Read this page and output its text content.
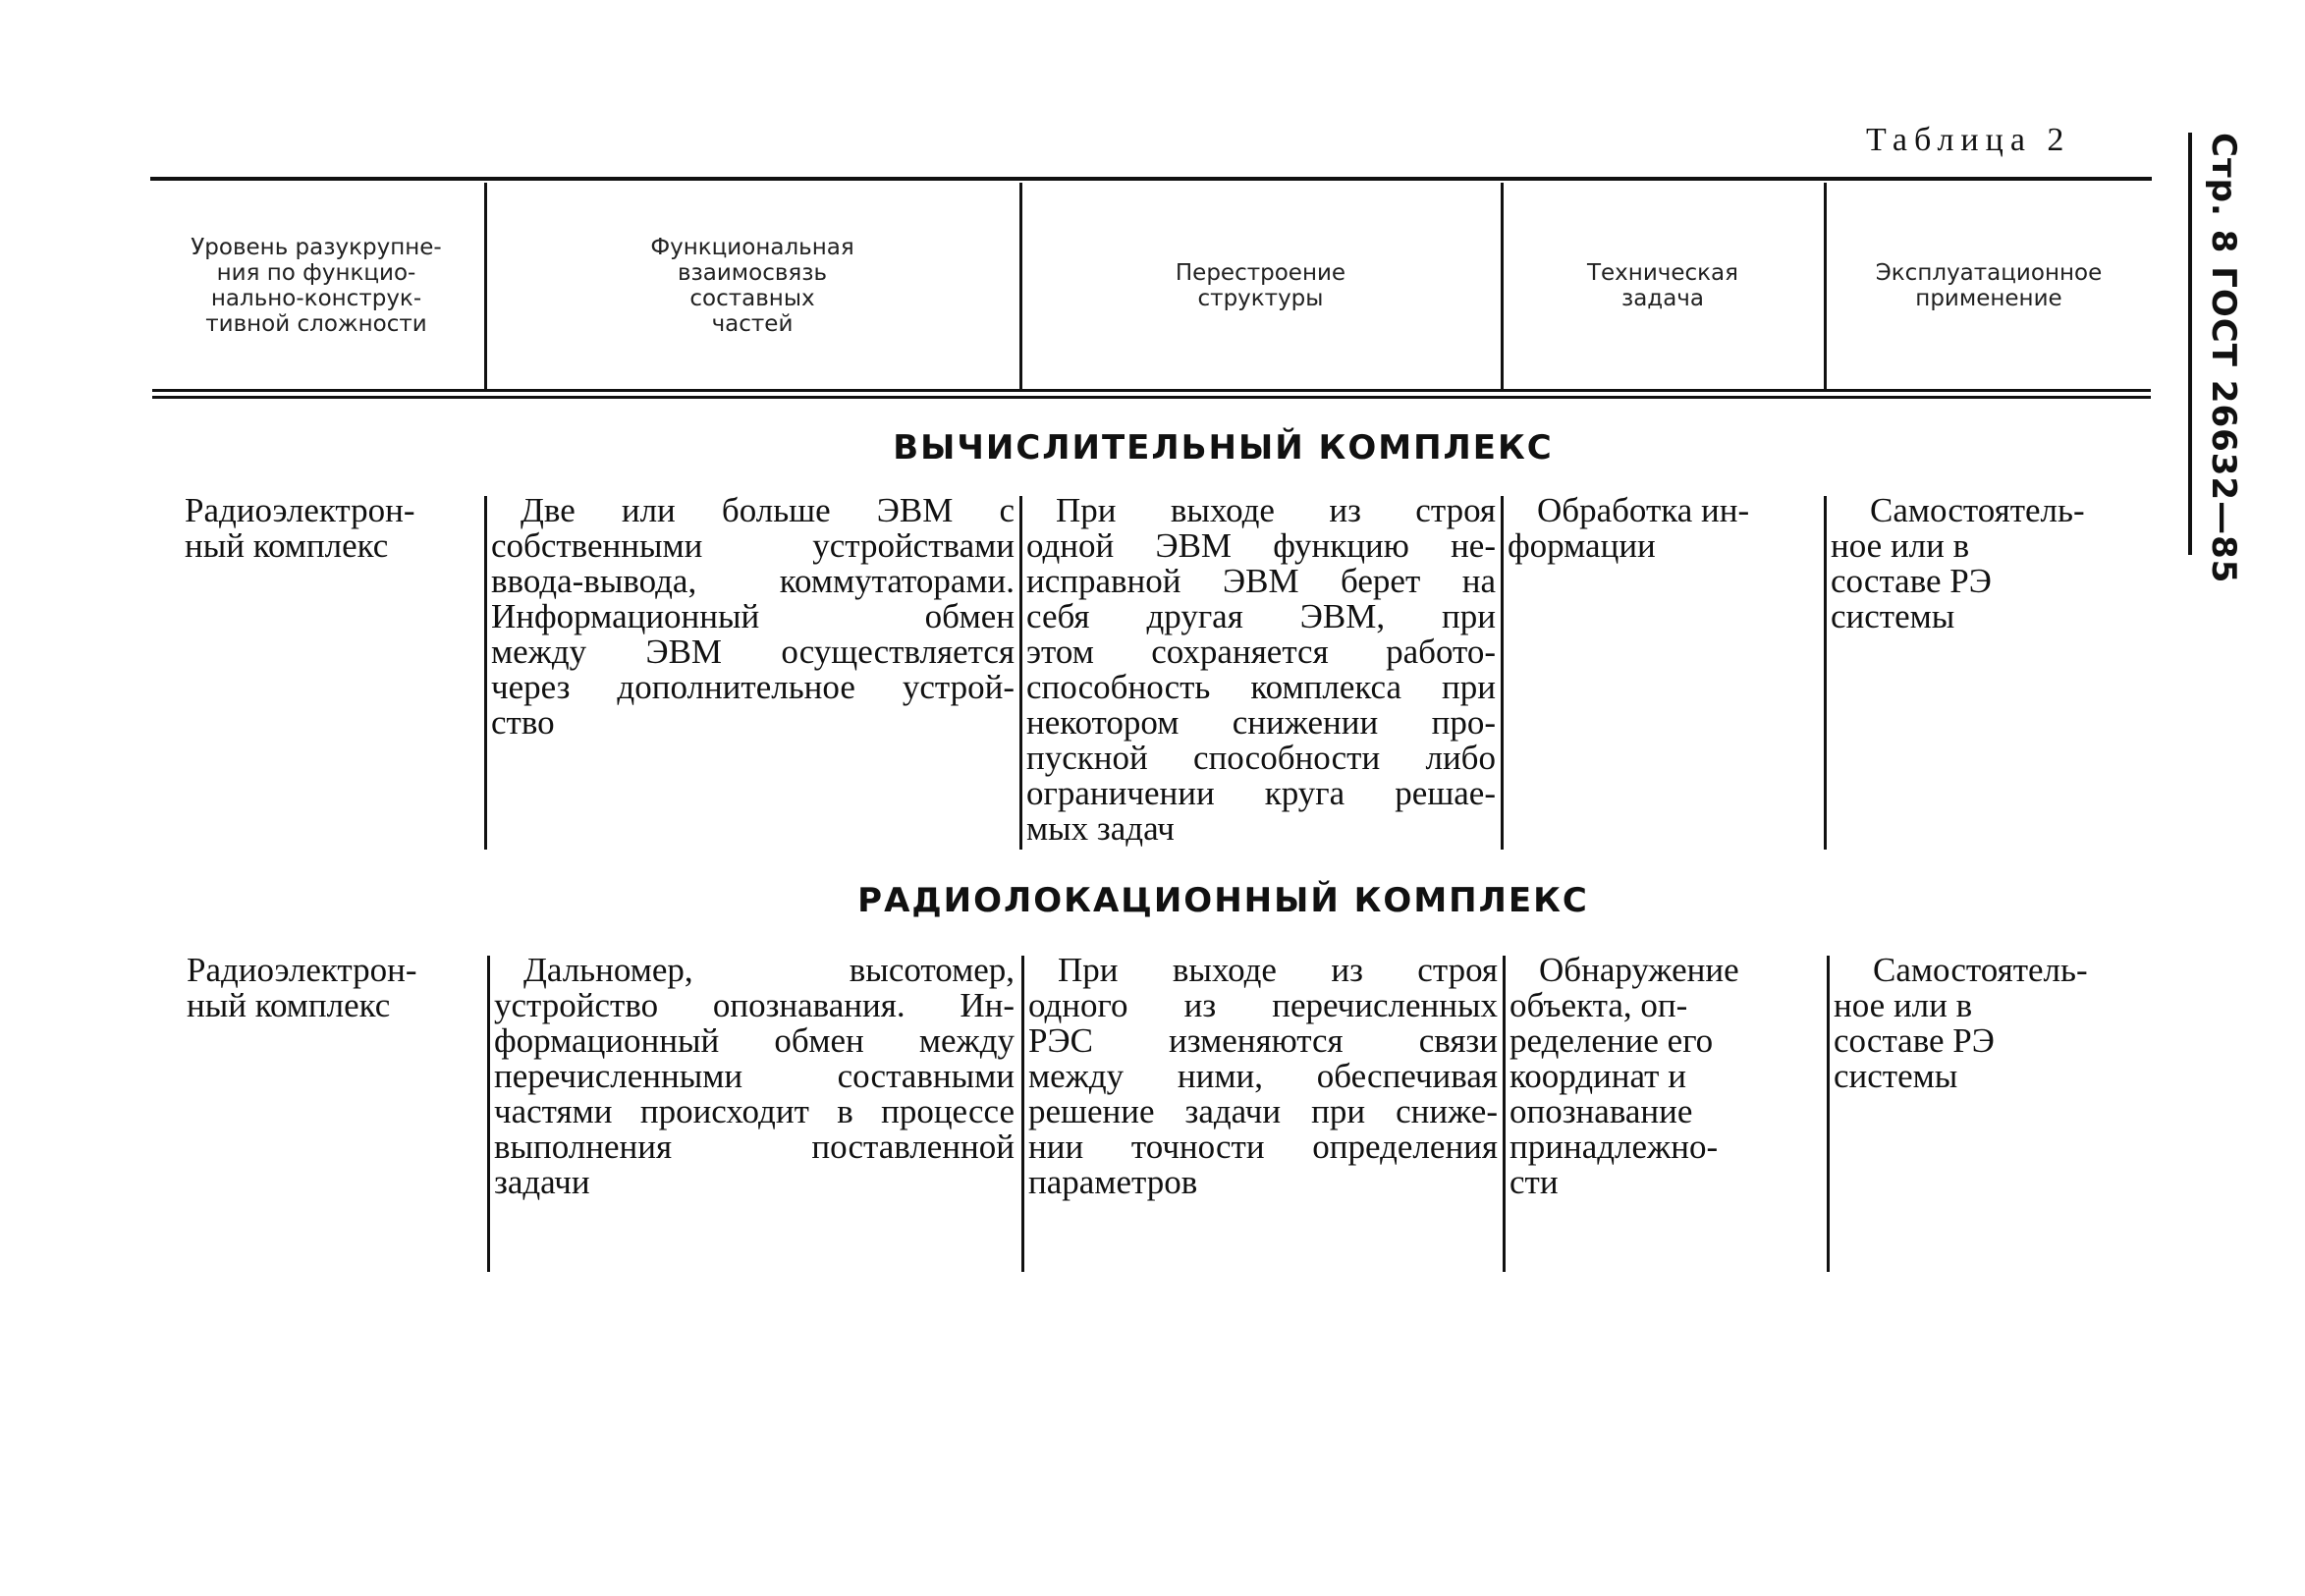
Таблица 2	Стр. 8 ГОСТ 26632—85
Уровень разукрупне-
ния по функцио-
нально-конструк-
тивной сложности
Функциональная
взаимосвязь
составных
частей
Перестроение
структуры
Техническая
задача
Эксплуатационное
применение
ВЫЧИСЛИТЕЛЬНЫЙ КОМПЛЕКС
Радиоэлектрон-
ный комплекс
Две или больше ЭВМ с
собственными устройствами
ввода-вывода, коммутаторами.
Информационный обмен
между ЭВМ осуществляется
через дополнительное устрой-
ство
При выходе из строя
одной ЭВМ функцию не-
исправной ЭВМ берет на
себя другая ЭВМ, при
этом сохраняется работо-
способность комплекса при
некотором снижении про-
пускной способности либо
ограничении круга решае-
мых задач
Обработка ин-
формации
Самостоятель-
ное или в
составе РЭ
системы
РАДИОЛОКАЦИОННЫЙ КОМПЛЕКС
Радиоэлектрон-
ный комплекс
Дальномер, высотомер,
устройство опознавания. Ин-
формационный обмен между
перечисленными составными
частями происходит в процессе
выполнения поставленной
задачи
При выходе из строя
одного из перечисленных
РЭС изменяются связи
между ними, обеспечивая
решение задачи при сниже-
нии точности определения
параметров
Обнаружение
объекта, оп-
ределение его
координат и
опознавание
принадлежно-
сти
Самостоятель-
ное или в
составе РЭ
системы
